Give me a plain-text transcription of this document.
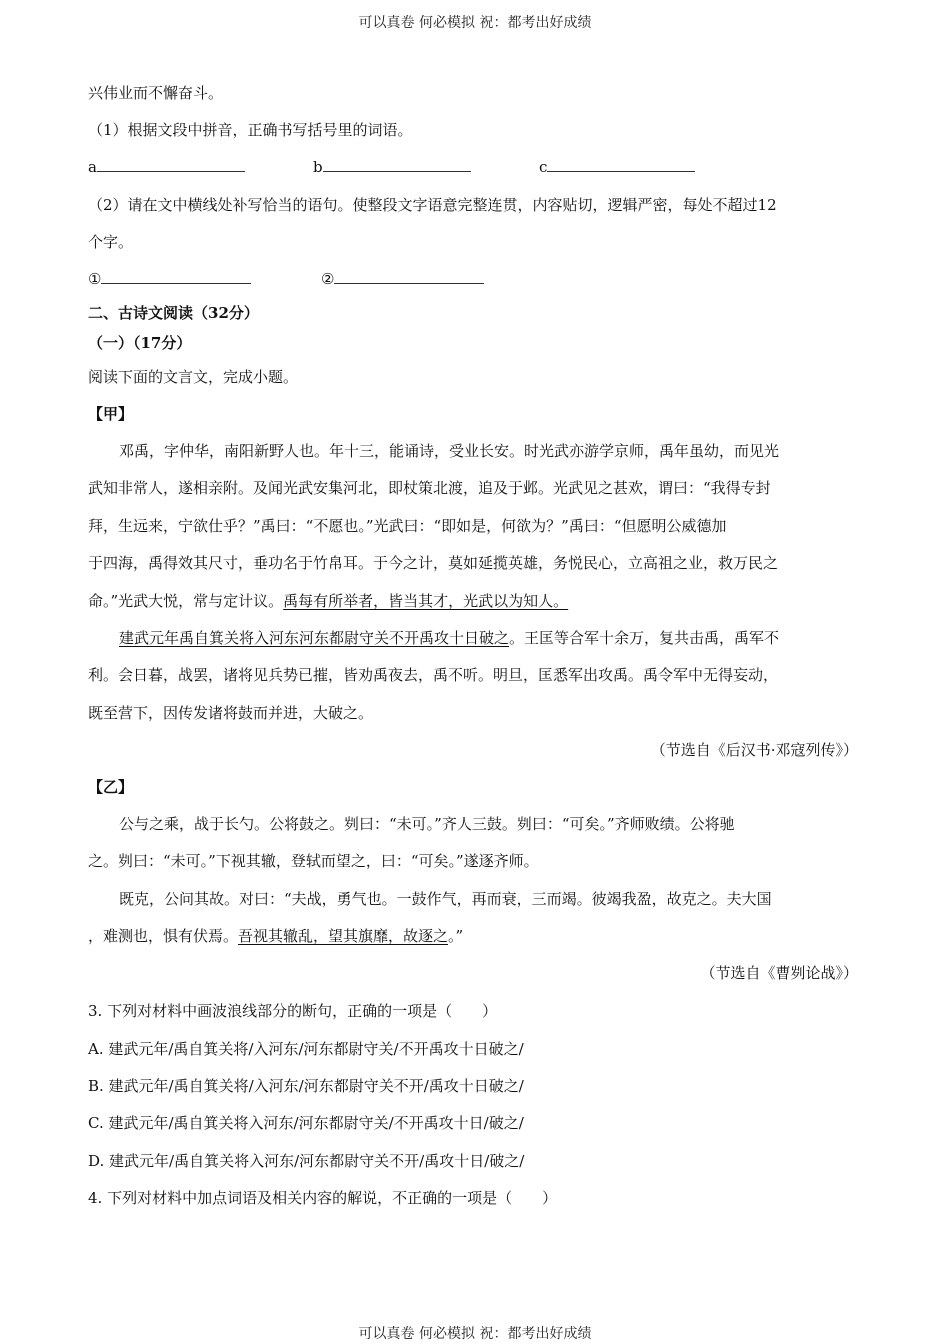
可以真卷 何必模拟 祝：都考出好成绩
兴伟业而不懈奋斗。
（1）根据文段中拼音，正确书写括号里的词语。
a	b	c
（2）请在文中横线处补写恰当的语句。使整段文字语意完整连贯，内容贴切，逻辑严密，每处不超过12
个字。
①	②
二、古诗文阅读（32分）
（一）（17分）
阅读下面的文言文，完成小题。
【甲】
邓禹，字仲华，南阳新野人也。年十三，能诵诗，受业长安。时光武亦游学京师，禹年虽幼，而见光
武知非常人，遂相亲附。及闻光武安集河北，即杖策北渡，追及于邺。光武见之甚欢，谓曰：“我得专封
拜，生远来，宁欲仕乎？”禹曰：“不愿也。”光武曰：“即如是，何欲为？”禹曰：“但愿明公威德加
于四海，禹得效其尺寸，垂功名于竹帛耳。于今之计，莫如延揽英雄，务悦民心，立高祖之业，救万民之
命。”光武大悦，常与定计议。禹每有所举者，皆当其才，光武以为知人。
建武元年禹自箕关将入河东河东都尉守关不开禹攻十日破之。王匡等合军十余万，复共击禹，禹军不
利。会日暮，战罢，诸将见兵势已摧，皆劝禹夜去，禹不听。明旦，匡悉军出攻禹。禹令军中无得妄动，
既至营下，因传发诸将鼓而并进，大破之。
（节选自《后汉书·邓寇列传》）
【乙】
公与之乘，战于长勺。公将鼓之。刿曰：“未可。”齐人三鼓。刿曰：“可矣。”齐师败绩。公将驰
之。刿曰：“未可。”下视其辙，登轼而望之，曰：“可矣。”遂逐齐师。
既克，公问其故。对曰：“夫战，勇气也。一鼓作气，再而衰，三而竭。彼竭我盈，故克之。夫大国
，难测也，惧有伏焉。吾视其辙乱，望其旗靡，故逐之。”
（节选自《曹刿论战》）
3. 下列对材料中画波浪线部分的断句，正确的一项是（　　）
A. 建武元年/禹自箕关将/入河东/河东都尉守关/不开禹攻十日破之/
B. 建武元年/禹自箕关将/入河东/河东都尉守关不开/禹攻十日破之/
C. 建武元年/禹自箕关将入河东/河东都尉守关/不开禹攻十日/破之/
D. 建武元年/禹自箕关将入河东/河东都尉守关不开/禹攻十日/破之/
4. 下列对材料中加点词语及相关内容的解说，不正确的一项是（　　）
可以真卷 何必模拟 祝：都考出好成绩
